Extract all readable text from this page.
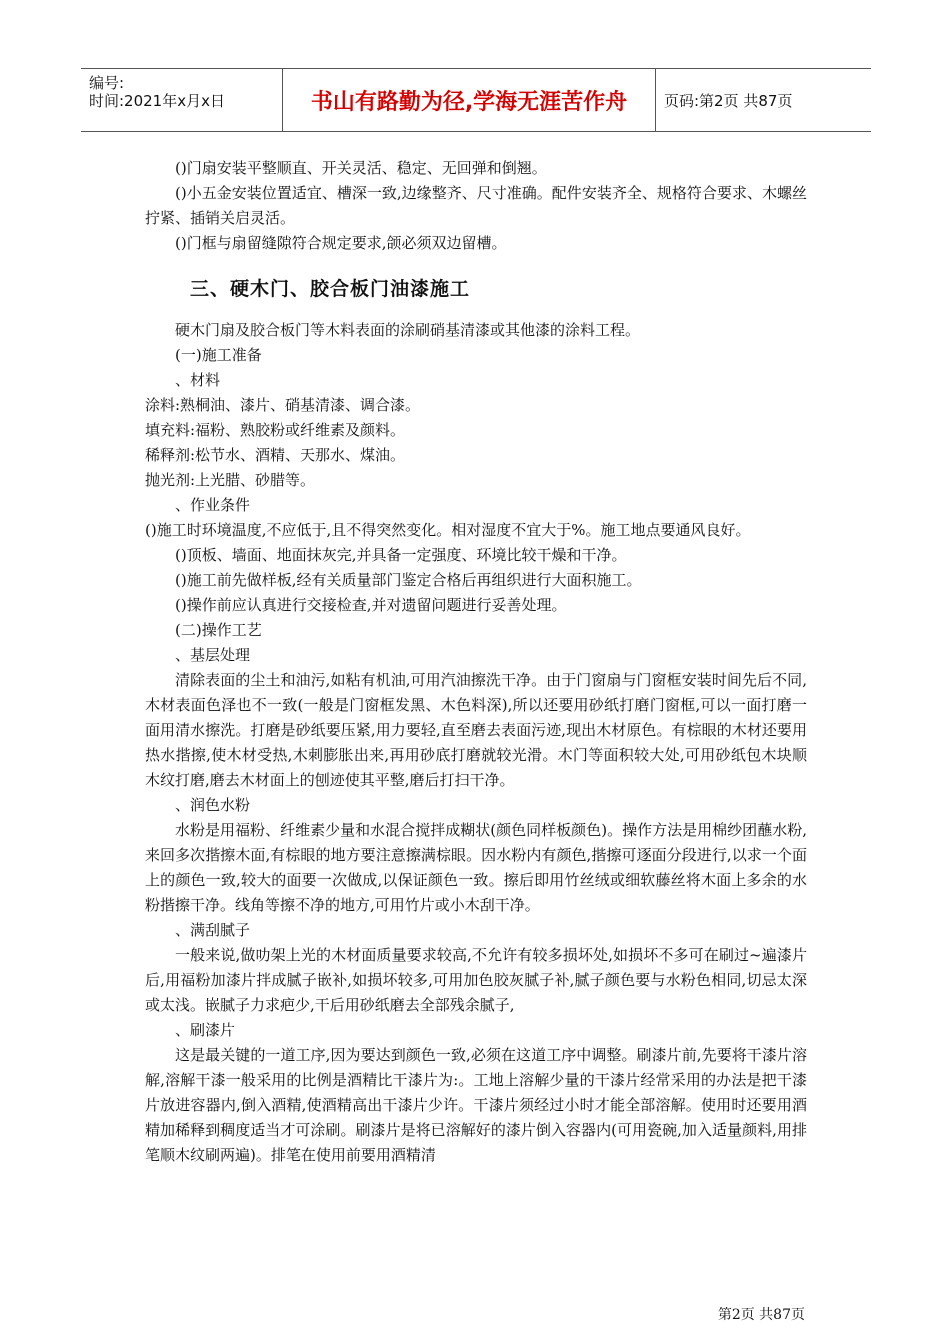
编号:
时间:2021年x月x日	书山有路勤为径,学海无涯苦作舟	页码:第2页 共87页

()门扇安装平整顺直、开关灵活、稳定、无回弹和倒翘。

()小五金安装位置适宜、槽深一致,边缘整齐、尺寸准确。配件安装齐全、规格符合要求、木螺丝拧紧、插销关启灵活。

()门框与扇留缝隙符合规定要求,颌必须双边留槽。

三、硬木门、胶合板门油漆施工

硬木门扇及胶合板门等木料表面的涂刷硝基清漆或其他漆的涂料工程。

(一)施工准备

、材料

涂料:熟桐油、漆片、硝基清漆、调合漆。

填充料:福粉、熟胶粉或纤维素及颜料。

稀释剂:松节水、酒精、天那水、煤油。

抛光剂:上光腊、砂腊等。

、作业条件

()施工时环境温度,不应低于,且不得突然变化。相对湿度不宜大于%。施工地点要通风良好。

()顶板、墙面、地面抹灰完,并具备一定强度、环境比较干燥和干净。

()施工前先做样板,经有关质量部门鉴定合格后再组织进行大面积施工。

()操作前应认真进行交接检查,并对遗留问题进行妥善处理。

(二)操作工艺

、基层处理

清除表面的尘土和油污,如粘有机油,可用汽油擦洗干净。由于门窗扇与门窗框安装时间先后不同,木材表面色泽也不一致(一般是门窗框发黑、木色料深),所以还要用砂纸打磨门窗框,可以一面打磨一面用清水擦洗。打磨是砂纸要压紧,用力要轻,直至磨去表面污迹,现出木材原色。有棕眼的木材还要用热水揩擦,使木材受热,木刺膨胀出来,再用砂底打磨就较光滑。木门等面积较大处,可用砂纸包木块顺木纹打磨,磨去木材面上的刨迹使其平整,磨后打扫干净。

、润色水粉

水粉是用福粉、纤维素少量和水混合搅拌成糊状(颜色同样板颜色)。操作方法是用棉纱团蘸水粉,来回多次揩擦木面,有棕眼的地方要注意擦满棕眼。因水粉内有颜色,揩擦可逐面分段进行,以求一个面上的颜色一致,较大的面要一次做成,以保证颜色一致。擦后即用竹丝绒或细软藤丝将木面上多余的水粉揩擦干净。线角等擦不净的地方,可用竹片或小木刮干净。

、满刮腻子

一般来说,做叻架上光的木材面质量要求较高,不允许有较多损坏处,如损坏不多可在刷过~遍漆片后,用福粉加漆片拌成腻子嵌补,如损坏较多,可用加色胶灰腻子补,腻子颜色要与水粉色相同,切忌太深或太浅。嵌腻子力求疤少,干后用砂纸磨去全部残余腻子,

、刷漆片

这是最关键的一道工序,因为要达到颜色一致,必须在这道工序中调整。刷漆片前,先要将干漆片溶解,溶解干漆一般采用的比例是酒精比干漆片为:。工地上溶解少量的干漆片经常采用的办法是把干漆片放进容器内,倒入酒精,使酒精高出干漆片少许。干漆片须经过小时才能全部溶解。使用时还要用酒精加稀释到稠度适当才可涂刷。刷漆片是将已溶解好的漆片倒入容器内(可用瓷碗,加入适量颜料,用排笔顺木纹刷两遍)。排笔在使用前要用酒精清

第2页 共87页
